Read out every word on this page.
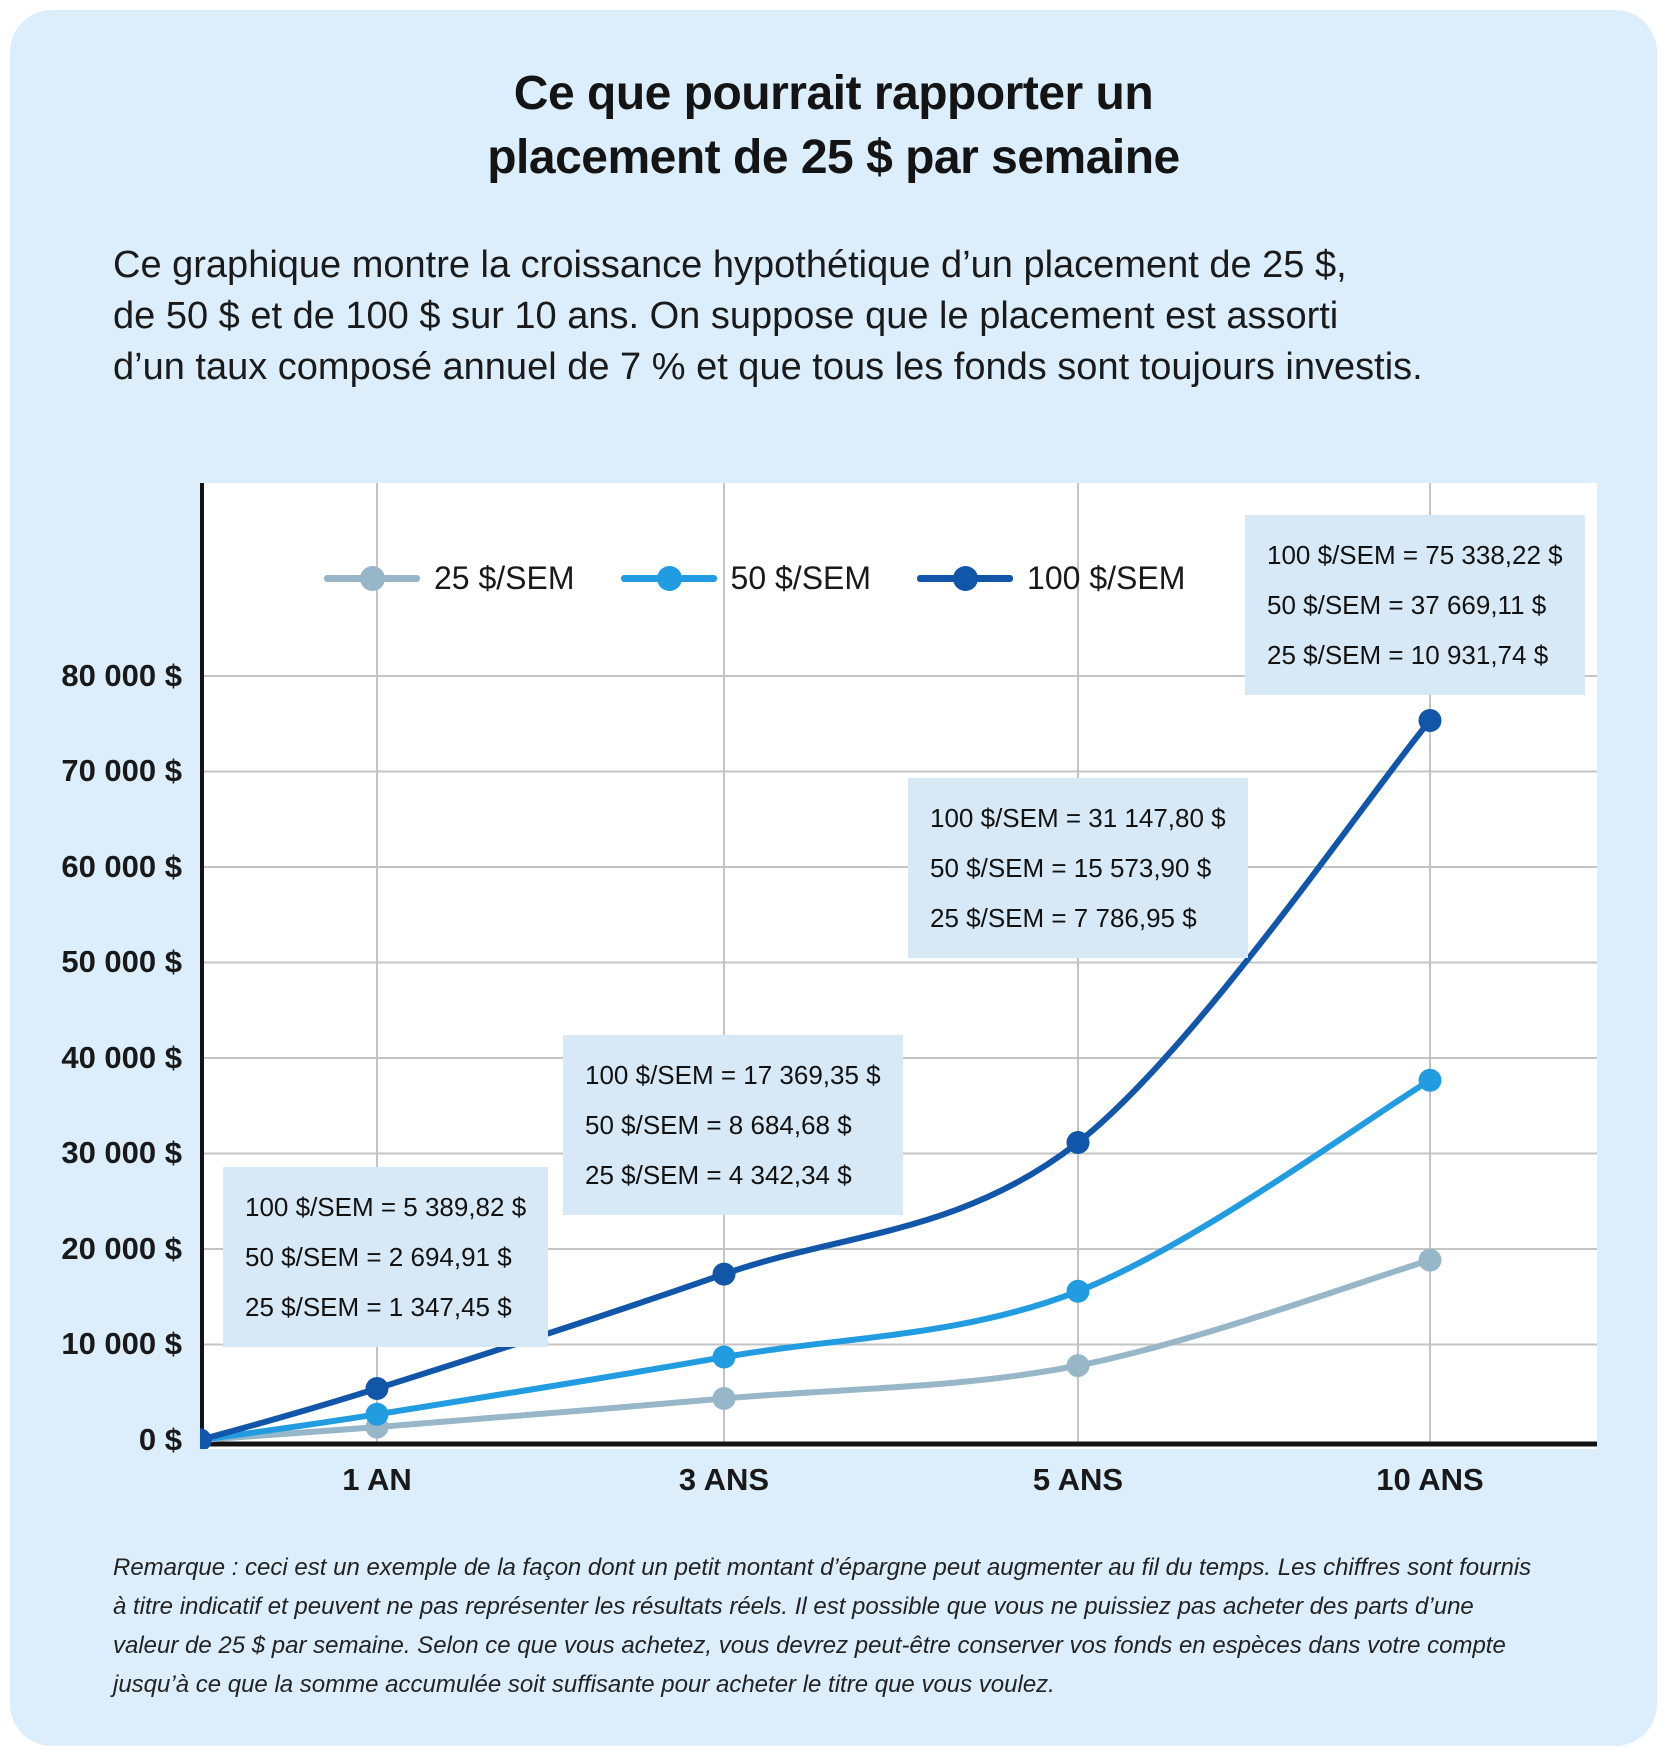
Ce que pourrait rapporter un
placement de 25 $ par semaine
Ce graphique montre la croissance hypothétique d’un placement de 25 $,
de 50 $ et de 100 $ sur 10 ans. On suppose que le placement est assorti
d’un taux composé annuel de 7 % et que tous les fonds sont toujours investis.
80 000 $
70 000 $
60 000 $
50 000 $
40 000 $
30 000 $
20 000 $
10 000 $
0 $
1 AN	3 ANS	5 ANS	10 ANS
25 $/SEM	50 $/SEM	100 $/SEM
100 $/SEM = 5 389,82 $
50 $/SEM = 2 694,91 $
25 $/SEM = 1 347,45 $
100 $/SEM = 17 369,35 $
50 $/SEM = 8 684,68 $
25 $/SEM = 4 342,34 $
100 $/SEM = 31 147,80 $
50 $/SEM = 15 573,90 $
25 $/SEM = 7 786,95 $
100 $/SEM = 75 338,22 $
50 $/SEM = 37 669,11 $
25 $/SEM = 10 931,74 $
Remarque : ceci est un exemple de la façon dont un petit montant d’épargne peut augmenter au fil du temps. Les chiffres sont fournis
à titre indicatif et peuvent ne pas représenter les résultats réels. Il est possible que vous ne puissiez pas acheter des parts d’une
valeur de 25 $ par semaine. Selon ce que vous achetez, vous devrez peut-être conserver vos fonds en espèces dans votre compte
jusqu’à ce que la somme accumulée soit suffisante pour acheter le titre que vous voulez.
